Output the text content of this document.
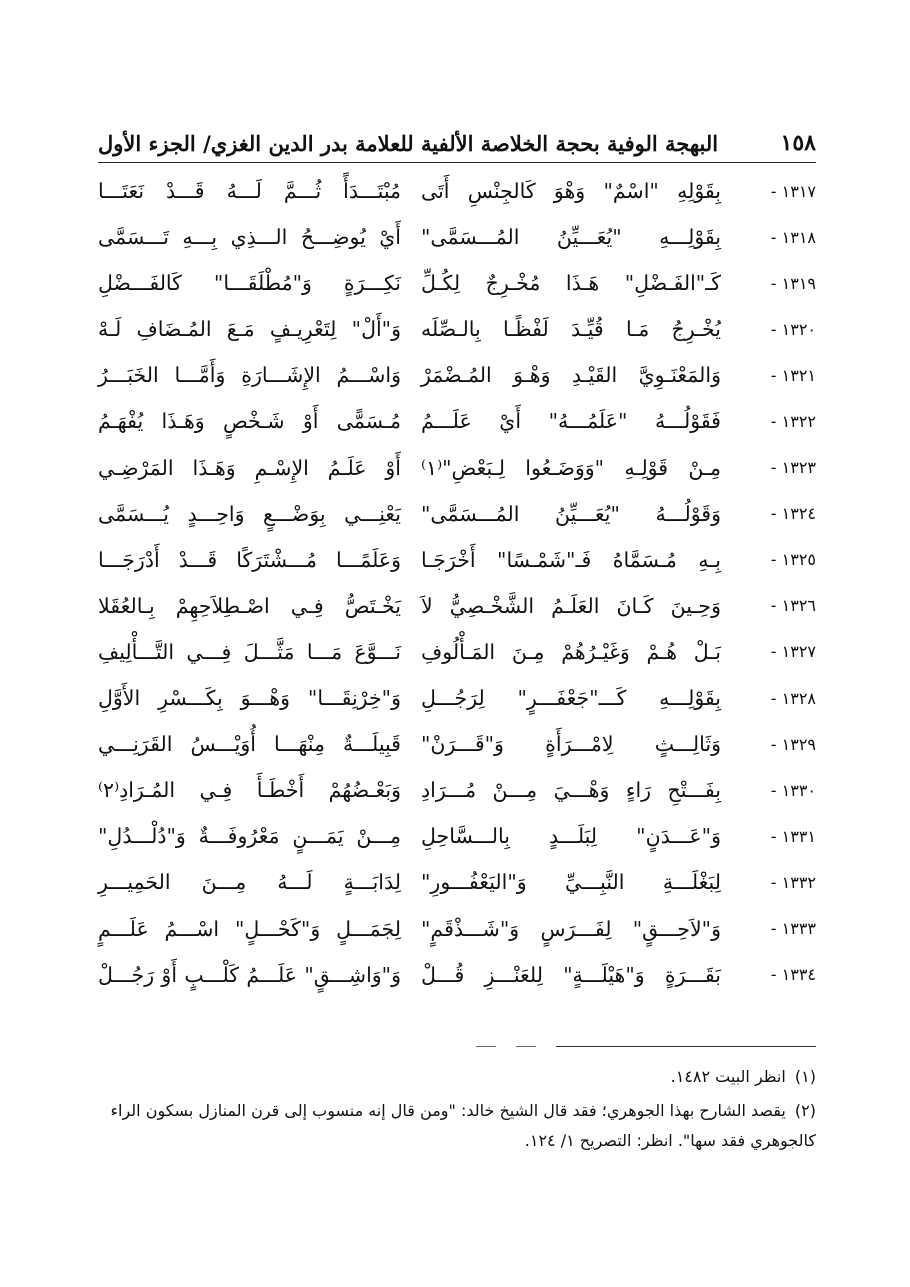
١٥٨
البهجة الوفية بحجة الخلاصة الألفية للعلامة بدر الدين الغزي/ الجزء الأول
١٣١٧ -
بِقَوْلِهِ "اسْمٌ" وَهْوَ كَالجِنْسِ أَتَى
مُبْتَـــدَأً ثُـــمَّ لَـــهُ قَـــدْ نَعَتَـــا
١٣١٨ -
بِقَوْلِـــهِ "يُعَـــيِّنُ المُـــسَمَّى"
أَيْ يُوضِـــحُ الـــذِي بِـــهِ تَـــسَمَّى
١٣١٩ -
كَـ"الفَـضْلِ" هَـذَا مُخْـرِجٌ لِكُـلِّ
نَكِـــرَةٍ وَ"مُطْلَقَـــا" كَالفَـــضْلِ
١٣٢٠ -
يُخْـرِجُ مَـا قُيِّـدَ لَفْظًـا بِالـصِّلَه
وَ"أَلْ" لِتَعْرِيـفٍ مَـعَ المُـضَافِ لَـهْ
١٣٢١ -
وَالمَعْنَـوِيَّ القَيْـدِ وَهْـوَ المُـضْمَرْ
وَاسْـــمُ الإِشَـــارَةِ وَأَمَّـــا الخَبَـــرُ
١٣٢٢ -
فَقَوْلُـــهُ "عَلَمُـــهُ" أَيْ عَلَـــمُ
مُـسَمًّى أَوْ شَـخْصٍ وَهَـذَا يُفْهَـمُ
١٣٢٣ -
مِـنْ قَوْلِـهِ "وَوَضَـعُوا لِـبَعْضِ"⁽١⁾
أَوْ عَلَـمُ الإِسْـمِ وَهَـذَا المَرْضِـي
١٣٢٤ -
وَقَوْلُـــهُ "يُعَـــيِّنُ المُـــسَمَّى"
يَعْنِـــي بِوَضْـــعٍ وَاحِـــدٍ يُـــسَمَّى
١٣٢٥ -
بِـهِ مُـسَمَّاهُ فَـ"شَمْـسًا" أَخْرَجَـا
وَعَلَمًـــا مُـــشْتَرَكًا قَـــدْ أَدْرَجَـــا
١٣٢٦ -
وَحِـينَ كَـانَ العَلَـمُ الشَّخْـصِيُّ لاَ
يَخْـتَصُّ فِـي اصْـطِلاَحِهِمْ بِـالعُقَلا
١٣٢٧ -
بَـلْ هُـمْ وَغَيْـرُهُمْ مِـنَ المَـأْلُوفِ
نَـــوَّعَ مَـــا مَثَّـــلَ فِـــي التَّـــأْلِيفِ
١٣٢٨ -
بِقَوْلِـــهِ كَـــ"جَعْفَـــرٍ" لِرَجُـــلِ
وَ"خِرْنِقَـــا" وَهْـــوَ بِكَـــسْرِ الأَوَّلِ
١٣٢٩ -
وَثَالِـــثٍ لِامْـــرَأَةٍ وَ"قَـــرَنْ"
قَبِيلَـــةٌ مِنْهَـــا أُوَيْـــسُ القَرَنِـــي
١٣٣٠ -
بِفَـــتْحِ رَاءٍ وَهْـــيَ مِـــنْ مُـــرَادِ
وَبَعْـضُهُمْ أَخْطَـأَ فِـي المُـرَادِ⁽٢⁾
١٣٣١ -
وَ"عَـــدَنٍ" لِبَلَـــدٍ بِالـــسَّاحِلِ
مِـــنْ يَمَـــنٍ مَعْرُوفَـــةٌ وَ"دُلْـــدُلِ"
١٣٣٢ -
لِبَغْلَـــةِ النَّبِـــيِّ وَ"اليَعْفُـــورِ"
لِدَابَـــةٍ لَـــهُ مِـــنَ الحَمِيـــرِ
١٣٣٣ -
وَ"لاَحِـــقٍ" لِفَـــرَسٍ وَ"شَـــذْقَمٍ"
لِجَمَـــلٍ وَ"كَحْـــلٍ" اسْـــمُ عَلَـــمٍ
١٣٣٤ -
بَقَـــرَةٍ وَ"هَيْلَـــةٍ" لِلعَنْـــزِ قُـــلْ
وَ"وَاشِـــقٍ" عَلَـــمُ كَلْـــبٍ أَوْ رَجُـــلْ
(١) انظر البيت ١٤٨٢.
(٢) يقصد الشارح بهذا الجوهري؛ فقد قال الشيخ خالد: "ومن قال إنه منسوب إلى قرن المنازل بسكون الراء كالجوهري فقد سها". انظر: التصريح ١/ ١٢٤.
